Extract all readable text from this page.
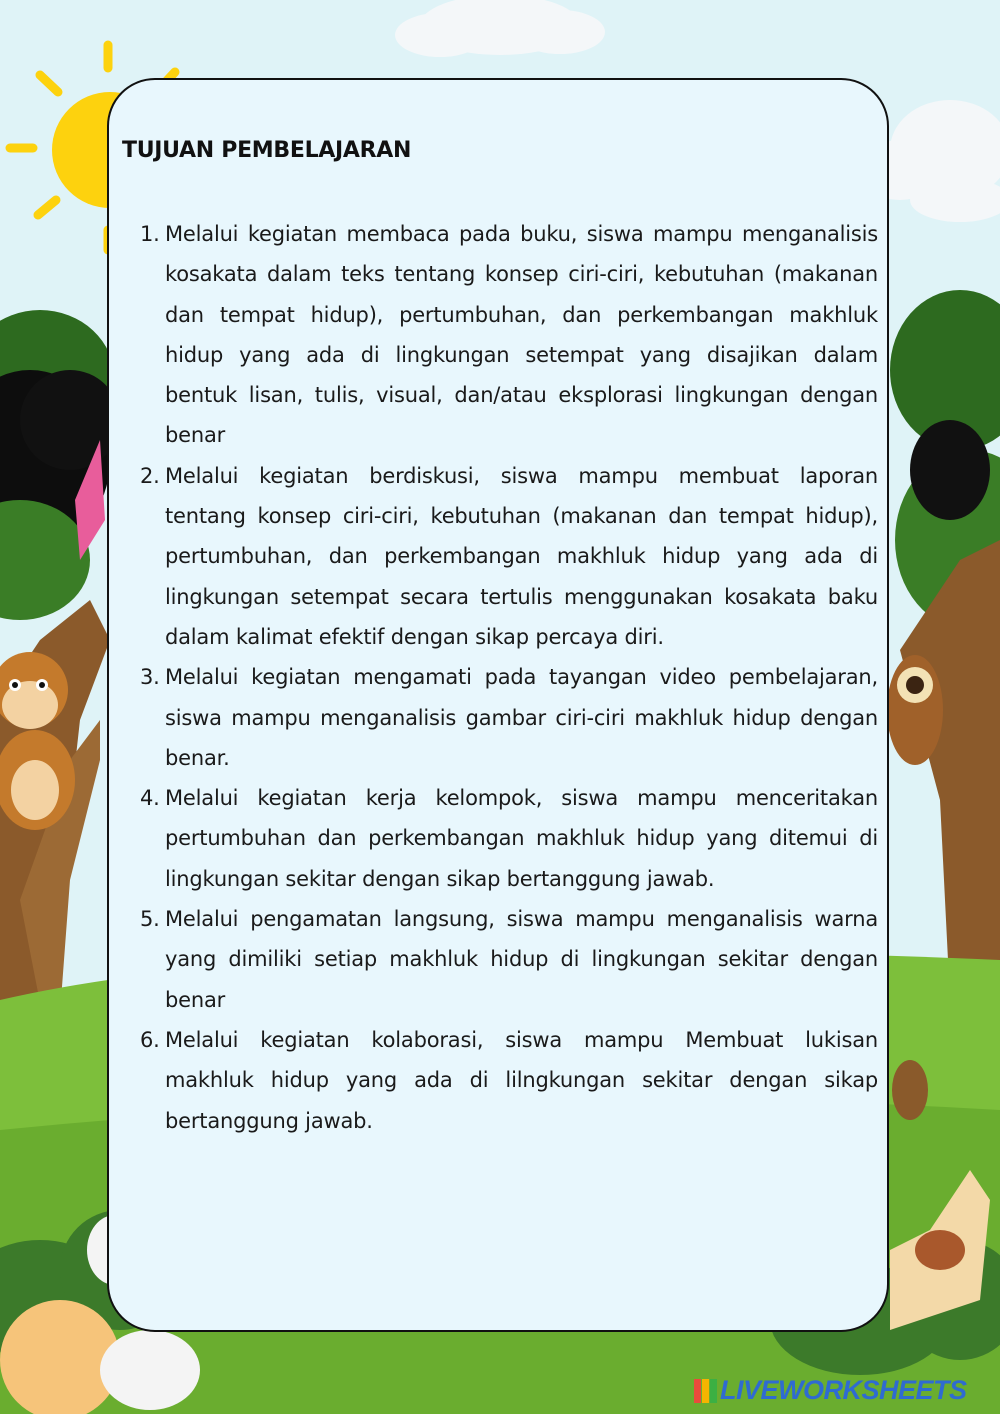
TUJUAN PEMBELAJARAN
1. Melalui kegiatan membaca pada buku, siswa mampu menganalisis kosakata dalam teks tentang konsep ciri-ciri, kebutuhan (makanan dan tempat hidup), pertumbuhan, dan perkembangan makhluk hidup yang ada di lingkungan setempat yang disajikan dalam bentuk lisan, tulis, visual, dan/atau eksplorasi lingkungan dengan benar
2. Melalui kegiatan berdiskusi, siswa mampu membuat laporan tentang konsep ciri-ciri, kebutuhan (makanan dan tempat hidup), pertumbuhan, dan perkembangan makhluk hidup yang ada di lingkungan setempat secara tertulis menggunakan kosakata baku dalam kalimat efektif dengan sikap percaya diri.
3. Melalui kegiatan mengamati pada tayangan video pembelajaran, siswa mampu menganalisis gambar ciri-ciri makhluk hidup dengan benar.
4. Melalui kegiatan kerja kelompok, siswa mampu menceritakan pertumbuhan dan perkembangan makhluk hidup yang ditemui di lingkungan sekitar dengan sikap bertanggung jawab.
5. Melalui pengamatan langsung, siswa mampu menganalisis warna yang dimiliki setiap makhluk hidup di lingkungan sekitar dengan benar
6. Melalui kegiatan kolaborasi, siswa mampu Membuat lukisan makhluk hidup yang ada di lilngkungan sekitar dengan sikap bertanggung jawab.
LIVEWORKSHEETS
